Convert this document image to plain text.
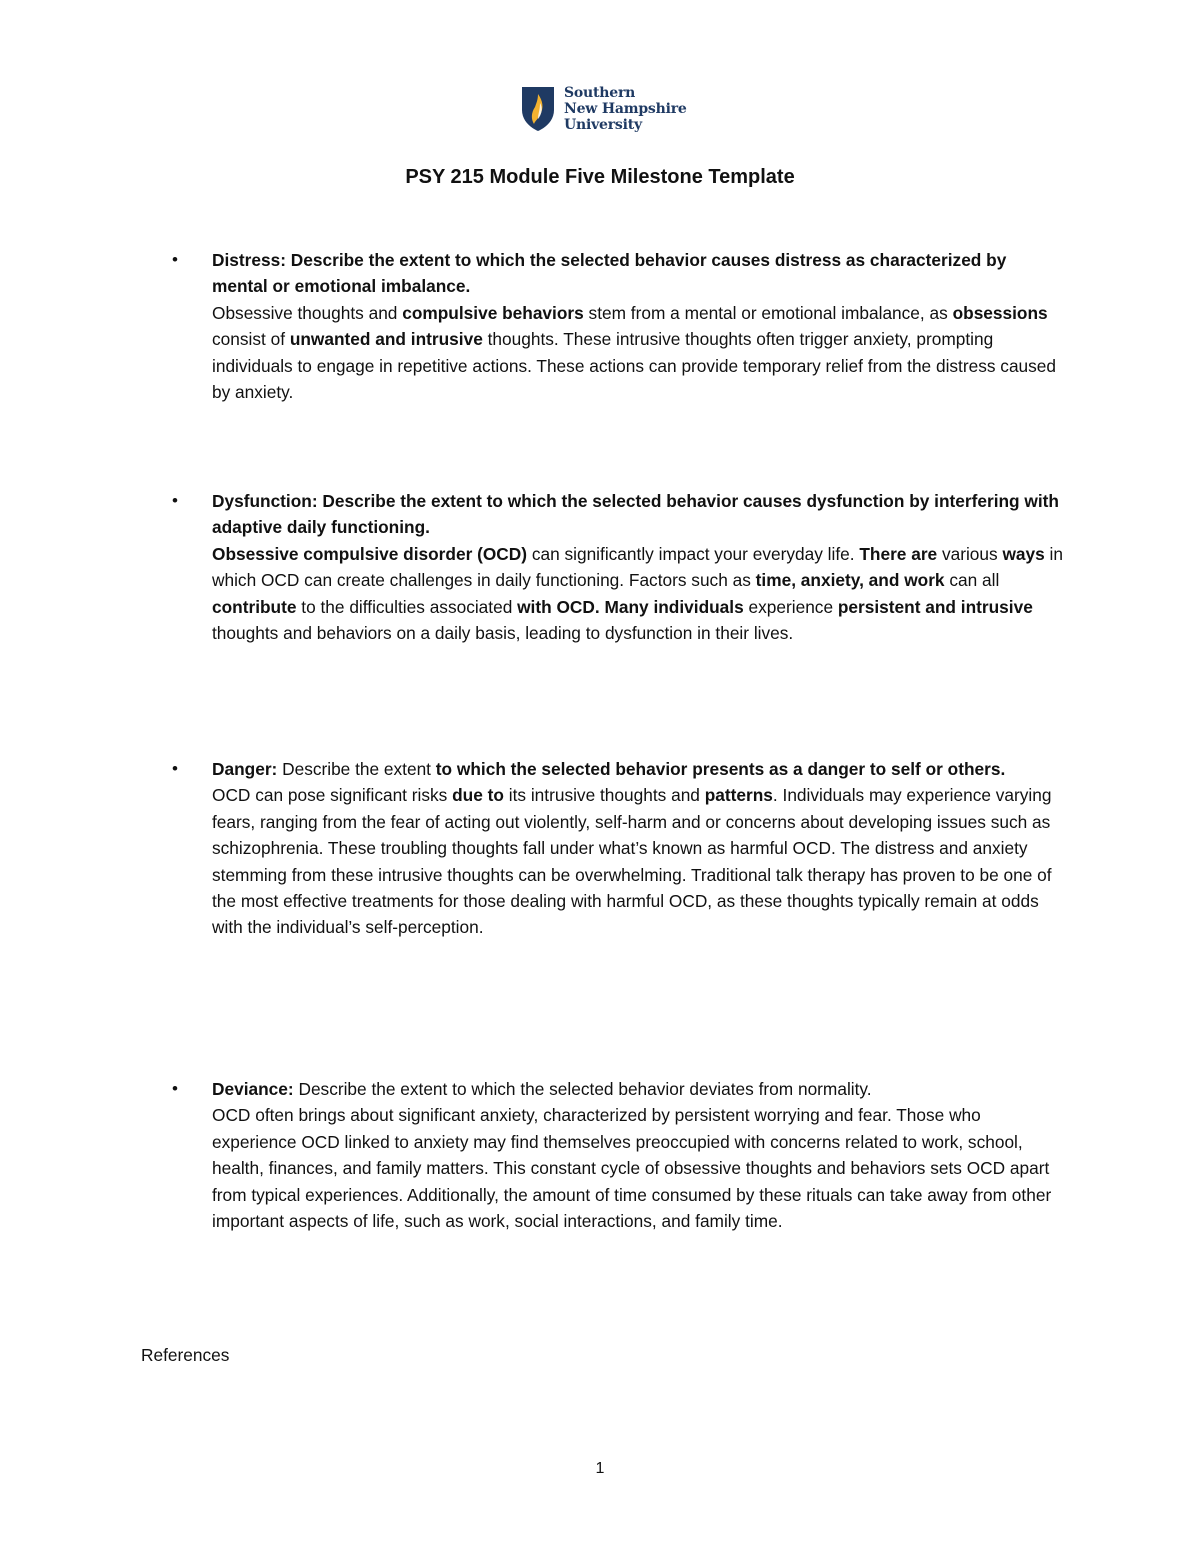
Southern
New Hampshire
University
PSY 215 Module Five Milestone Template
• Distress: Describe the extent to which the selected behavior causes distress as characterized by mental or emotional imbalance.

Obsessive thoughts and compulsive behaviors stem from a mental or emotional imbalance, as obsessions consist of unwanted and intrusive thoughts. These intrusive thoughts often trigger anxiety, prompting individuals to engage in repetitive actions. These actions can provide temporary relief from the distress caused by anxiety.

• Dysfunction: Describe the extent to which the selected behavior causes dysfunction by interfering with adaptive daily functioning.

Obsessive compulsive disorder (OCD) can significantly impact your everyday life. There are various ways in which OCD can create challenges in daily functioning. Factors such as time, anxiety, and work can all contribute to the difficulties associated with OCD. Many individuals experience persistent and intrusive thoughts and behaviors on a daily basis, leading to dysfunction in their lives.

• Danger: Describe the extent to which the selected behavior presents as a danger to self or others.

OCD can pose significant risks due to its intrusive thoughts and patterns. Individuals may experience varying fears, ranging from the fear of acting out violently, self-harm and or concerns about developing issues such as schizophrenia. These troubling thoughts fall under what’s known as harmful OCD. The distress and anxiety stemming from these intrusive thoughts can be overwhelming. Traditional talk therapy has proven to be one of the most effective treatments for those dealing with harmful OCD, as these thoughts typically remain at odds with the individual’s self-perception.

• Deviance: Describe the extent to which the selected behavior deviates from normality.

OCD often brings about significant anxiety, characterized by persistent worrying and fear. Those who experience OCD linked to anxiety may find themselves preoccupied with concerns related to work, school, health, finances, and family matters. This constant cycle of obsessive thoughts and behaviors sets OCD apart from typical experiences. Additionally, the amount of time consumed by these rituals can take away from other important aspects of life, such as work, social interactions, and family time.

References
1
